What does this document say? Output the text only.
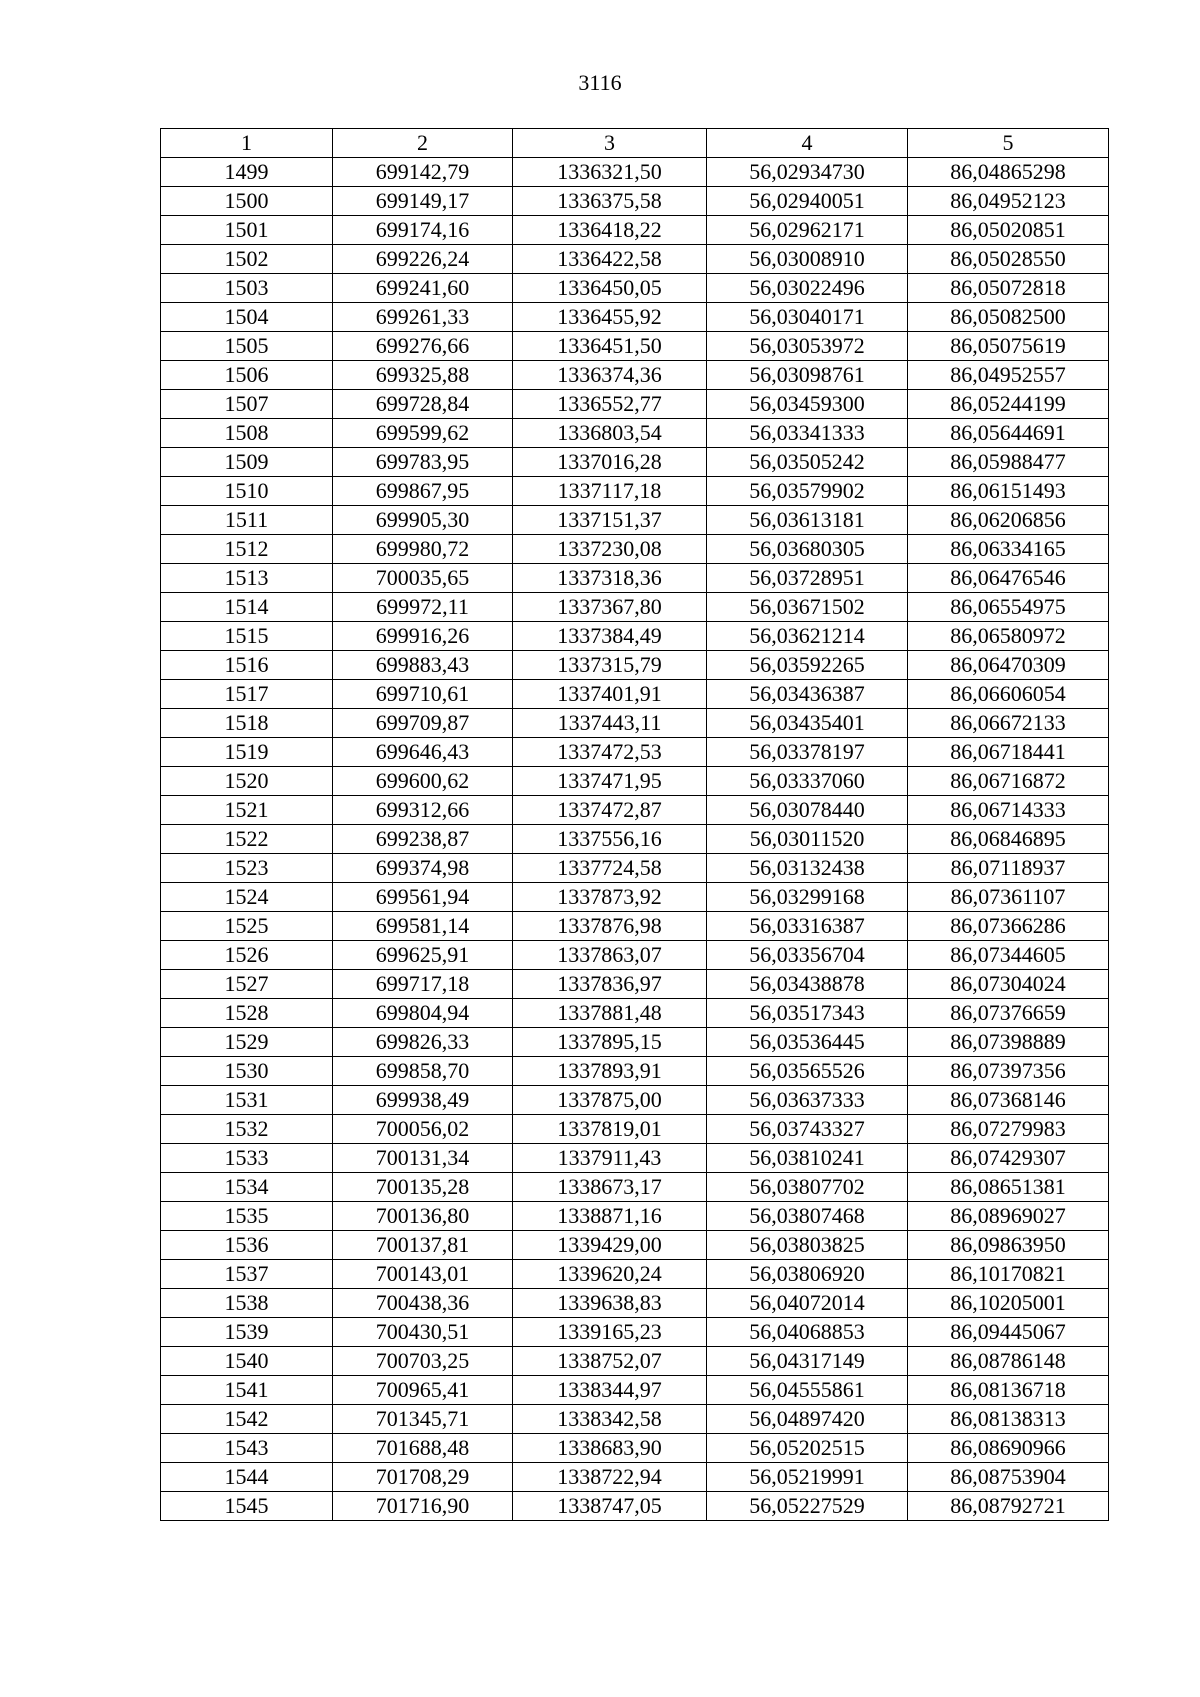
3116
1	2	3	4	5
1499	699142,79	1336321,50	56,02934730	86,04865298
1500	699149,17	1336375,58	56,02940051	86,04952123
1501	699174,16	1336418,22	56,02962171	86,05020851
1502	699226,24	1336422,58	56,03008910	86,05028550
1503	699241,60	1336450,05	56,03022496	86,05072818
1504	699261,33	1336455,92	56,03040171	86,05082500
1505	699276,66	1336451,50	56,03053972	86,05075619
1506	699325,88	1336374,36	56,03098761	86,04952557
1507	699728,84	1336552,77	56,03459300	86,05244199
1508	699599,62	1336803,54	56,03341333	86,05644691
1509	699783,95	1337016,28	56,03505242	86,05988477
1510	699867,95	1337117,18	56,03579902	86,06151493
1511	699905,30	1337151,37	56,03613181	86,06206856
1512	699980,72	1337230,08	56,03680305	86,06334165
1513	700035,65	1337318,36	56,03728951	86,06476546
1514	699972,11	1337367,80	56,03671502	86,06554975
1515	699916,26	1337384,49	56,03621214	86,06580972
1516	699883,43	1337315,79	56,03592265	86,06470309
1517	699710,61	1337401,91	56,03436387	86,06606054
1518	699709,87	1337443,11	56,03435401	86,06672133
1519	699646,43	1337472,53	56,03378197	86,06718441
1520	699600,62	1337471,95	56,03337060	86,06716872
1521	699312,66	1337472,87	56,03078440	86,06714333
1522	699238,87	1337556,16	56,03011520	86,06846895
1523	699374,98	1337724,58	56,03132438	86,07118937
1524	699561,94	1337873,92	56,03299168	86,07361107
1525	699581,14	1337876,98	56,03316387	86,07366286
1526	699625,91	1337863,07	56,03356704	86,07344605
1527	699717,18	1337836,97	56,03438878	86,07304024
1528	699804,94	1337881,48	56,03517343	86,07376659
1529	699826,33	1337895,15	56,03536445	86,07398889
1530	699858,70	1337893,91	56,03565526	86,07397356
1531	699938,49	1337875,00	56,03637333	86,07368146
1532	700056,02	1337819,01	56,03743327	86,07279983
1533	700131,34	1337911,43	56,03810241	86,07429307
1534	700135,28	1338673,17	56,03807702	86,08651381
1535	700136,80	1338871,16	56,03807468	86,08969027
1536	700137,81	1339429,00	56,03803825	86,09863950
1537	700143,01	1339620,24	56,03806920	86,10170821
1538	700438,36	1339638,83	56,04072014	86,10205001
1539	700430,51	1339165,23	56,04068853	86,09445067
1540	700703,25	1338752,07	56,04317149	86,08786148
1541	700965,41	1338344,97	56,04555861	86,08136718
1542	701345,71	1338342,58	56,04897420	86,08138313
1543	701688,48	1338683,90	56,05202515	86,08690966
1544	701708,29	1338722,94	56,05219991	86,08753904
1545	701716,90	1338747,05	56,05227529	86,08792721
